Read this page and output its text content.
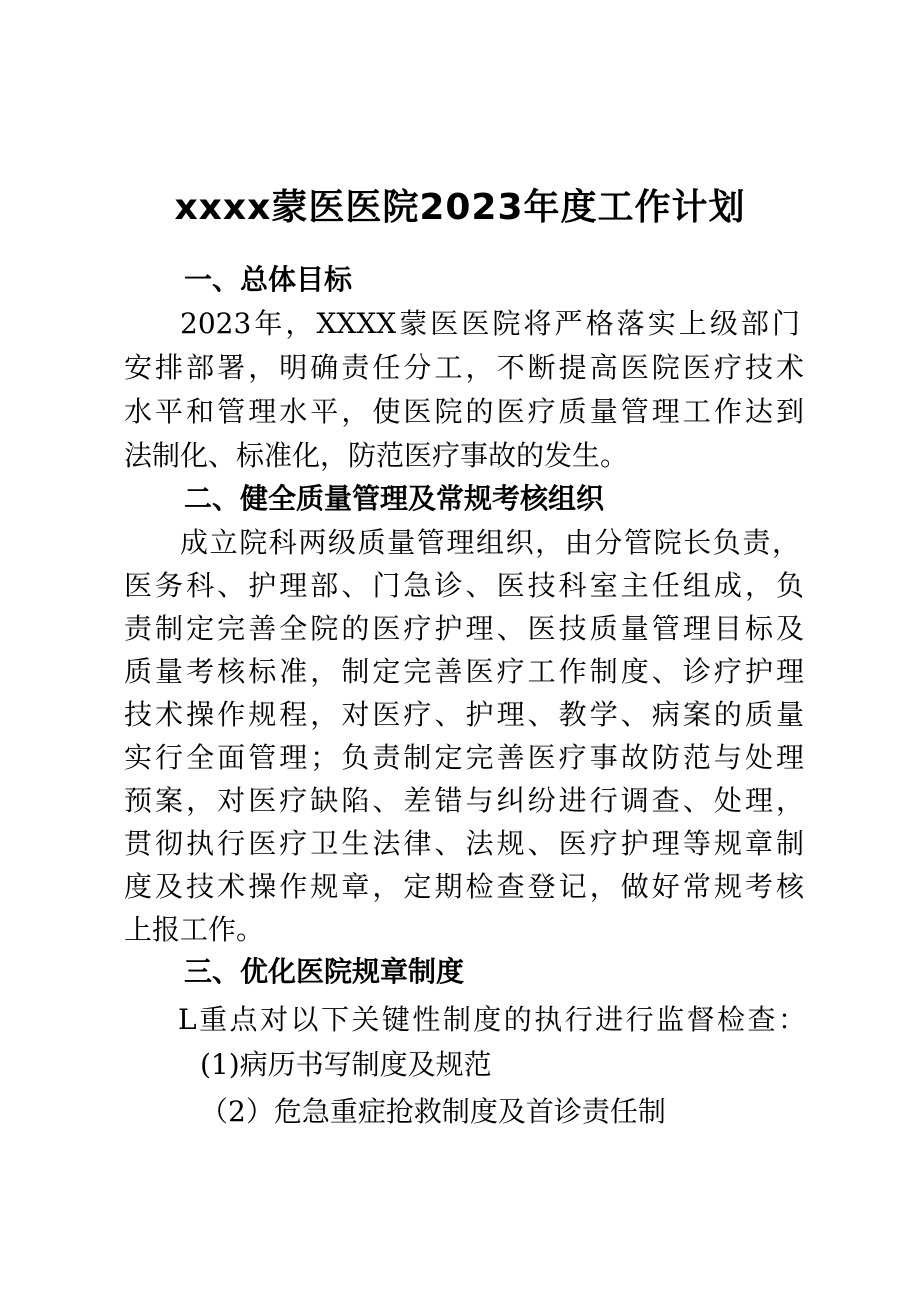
xxxx蒙医医院2023年度工作计划
一、总体目标
2023年，XXXX蒙医医院将严格落实上级部门
安排部署，明确责任分工，不断提高医院医疗技术
水平和管理水平，使医院的医疗质量管理工作达到
法制化、标准化，防范医疗事故的发生。
二、健全质量管理及常规考核组织
成立院科两级质量管理组织，由分管院长负责，
医务科、护理部、门急诊、医技科室主任组成，负
责制定完善全院的医疗护理、医技质量管理目标及
质量考核标准，制定完善医疗工作制度、诊疗护理
技术操作规程，对医疗、护理、教学、病案的质量
实行全面管理；负责制定完善医疗事故防范与处理
预案，对医疗缺陷、差错与纠纷进行调查、处理，
贯彻执行医疗卫生法律、法规、医疗护理等规章制
度及技术操作规章，定期检查登记，做好常规考核
上报工作。
三、优化医院规章制度
L重点对以下关键性制度的执行进行监督检查：
(1)病历书写制度及规范
（2）危急重症抢救制度及首诊责任制
